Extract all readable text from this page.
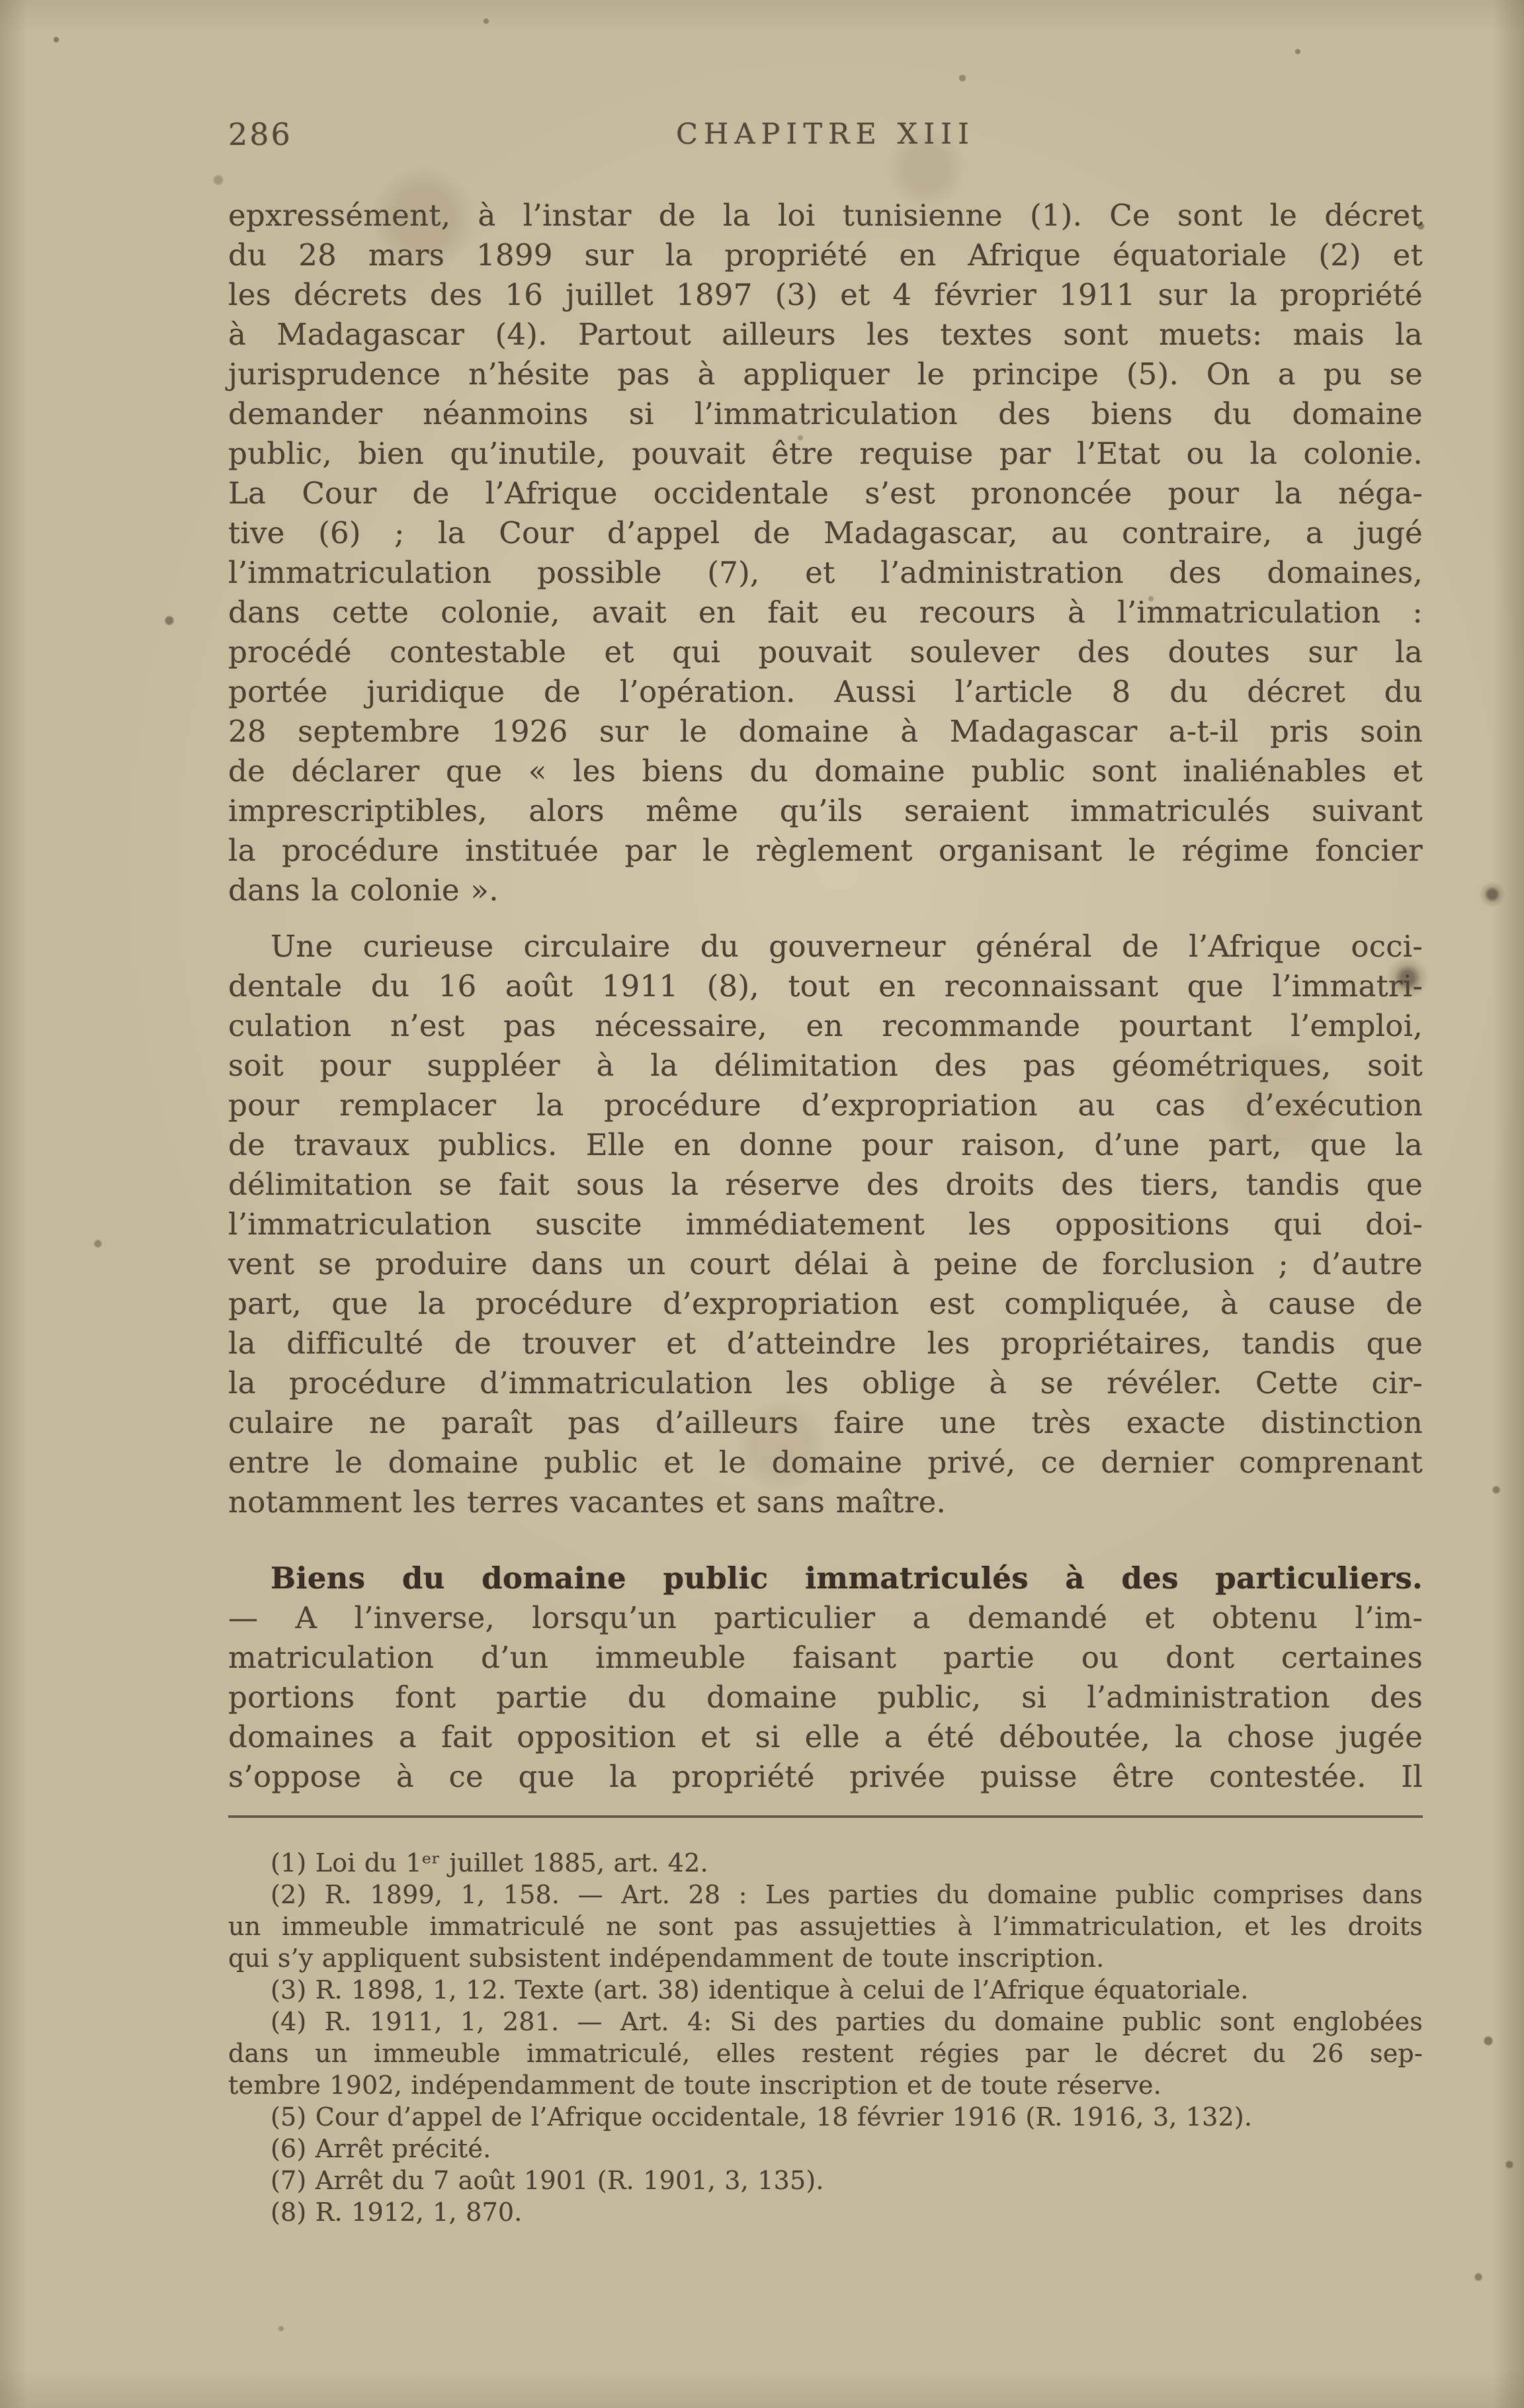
286	CHAPITRE XIII
epxressément, à l’instar de la loi tunisienne (1). Ce sont le décret
du 28 mars 1899 sur la propriété en Afrique équatoriale (2) et
les décrets des 16 juillet 1897 (3) et 4 février 1911 sur la propriété
à Madagascar (4). Partout ailleurs les textes sont muets: mais la
jurisprudence n’hésite pas à appliquer le principe (5). On a pu se
demander néanmoins si l’immatriculation des biens du domaine
public, bien qu’inutile, pouvait être requise par l’Etat ou la colonie.
La Cour de l’Afrique occidentale s’est prononcée pour la néga-
tive (6) ; la Cour d’appel de Madagascar, au contraire, a jugé
l’immatriculation possible (7), et l’administration des domaines,
dans cette colonie, avait en fait eu recours à l’immatriculation :
procédé contestable et qui pouvait soulever des doutes sur la
portée juridique de l’opération. Aussi l’article 8 du décret du
28 septembre 1926 sur le domaine à Madagascar a-t-il pris soin
de déclarer que « les biens du domaine public sont inaliénables et
imprescriptibles, alors même qu’ils seraient immatriculés suivant
la procédure instituée par le règlement organisant le régime foncier
dans la colonie ».
Une curieuse circulaire du gouverneur général de l’Afrique occi-
dentale du 16 août 1911 (8), tout en reconnaissant que l’immatri-
culation n’est pas nécessaire, en recommande pourtant l’emploi,
soit pour suppléer à la délimitation des pas géométriques, soit
pour remplacer la procédure d’expropriation au cas d’exécution
de travaux publics. Elle en donne pour raison, d’une part, que la
délimitation se fait sous la réserve des droits des tiers, tandis que
l’immatriculation suscite immédiatement les oppositions qui doi-
vent se produire dans un court délai à peine de forclusion ; d’autre
part, que la procédure d’expropriation est compliquée, à cause de
la difficulté de trouver et d’atteindre les propriétaires, tandis que
la procédure d’immatriculation les oblige à se révéler. Cette cir-
culaire ne paraît pas d’ailleurs faire une très exacte distinction
entre le domaine public et le domaine privé, ce dernier comprenant
notamment les terres vacantes et sans maître.
Biens du domaine public immatriculés à des particuliers.
— A l’inverse, lorsqu’un particulier a demandé et obtenu l’im-
matriculation d’un immeuble faisant partie ou dont certaines
portions font partie du domaine public, si l’administration des
domaines a fait opposition et si elle a été déboutée, la chose jugée
s’oppose à ce que la propriété privée puisse être contestée. Il
(1) Loi du 1ᵉʳ juillet 1885, art. 42.
(2) R. 1899, 1, 158. — Art. 28 : Les parties du domaine public comprises dans
un immeuble immatriculé ne sont pas assujetties à l’immatriculation, et les droits
qui s’y appliquent subsistent indépendamment de toute inscription.
(3) R. 1898, 1, 12. Texte (art. 38) identique à celui de l’Afrique équatoriale.
(4) R. 1911, 1, 281. — Art. 4: Si des parties du domaine public sont englobées
dans un immeuble immatriculé, elles restent régies par le décret du 26 sep-
tembre 1902, indépendamment de toute inscription et de toute réserve.
(5) Cour d’appel de l’Afrique occidentale, 18 février 1916 (R. 1916, 3, 132).
(6) Arrêt précité.
(7) Arrêt du 7 août 1901 (R. 1901, 3, 135).
(8) R. 1912, 1, 870.
